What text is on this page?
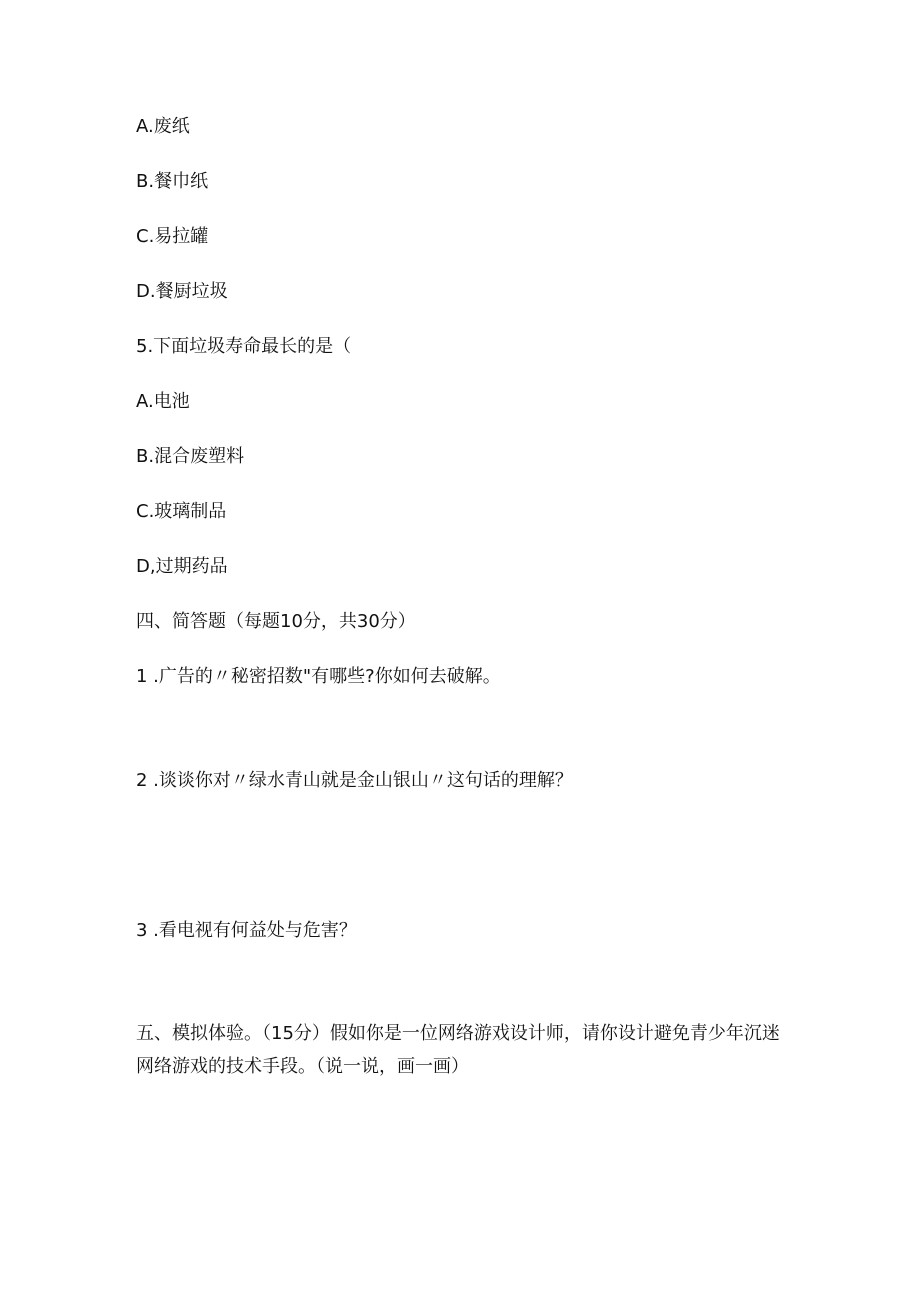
A.废纸

B.餐巾纸

C.易拉罐

D.餐厨垃圾

5.下面垃圾寿命最长的是（

A.电池

B.混合废塑料

C.玻璃制品

D,过期药品

四、简答题（每题10分，共30分）

1 .广告的〃秘密招数"有哪些?你如何去破解。

2 .谈谈你对〃绿水青山就是金山银山〃这句话的理解？

3 .看电视有何益处与危害？

五、模拟体验。（15分）假如你是一位网络游戏设计师，请你设计避免青少年沉迷网络游戏的技术手段。（说一说，画一画）
